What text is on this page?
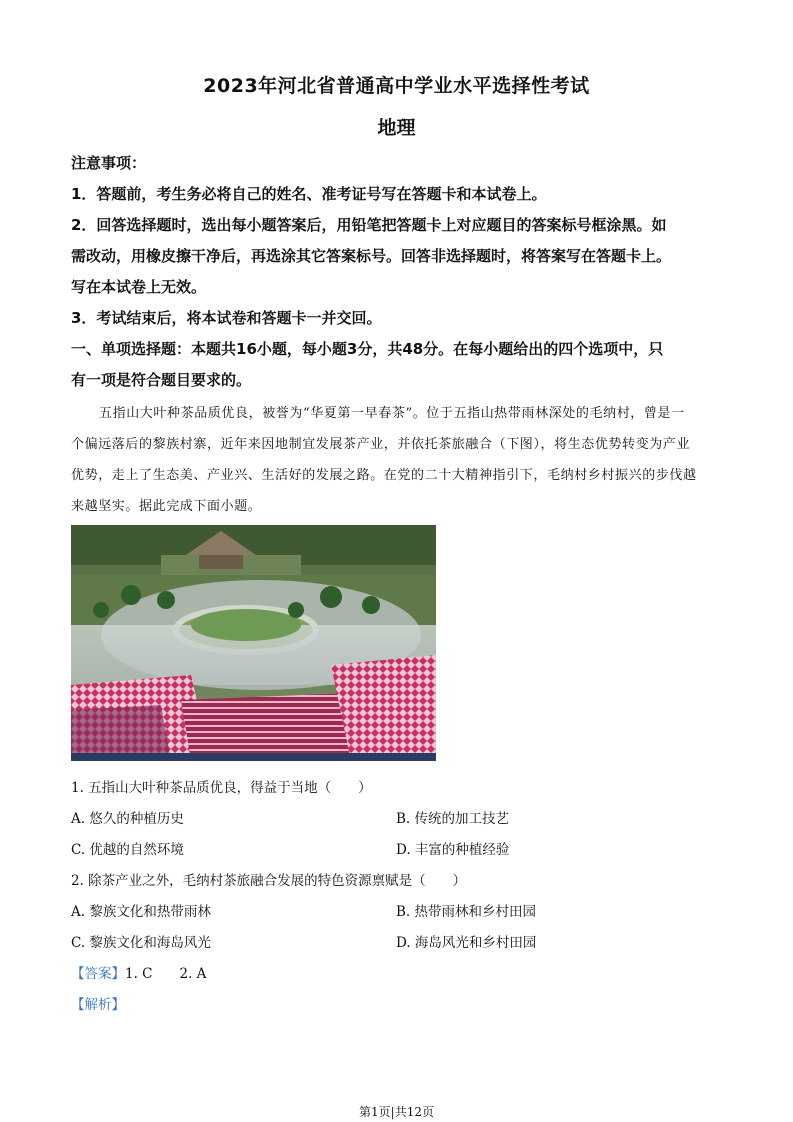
2023年河北省普通高中学业水平选择性考试
地理
注意事项：
1．答题前，考生务必将自己的姓名、准考证号写在答题卡和本试卷上。
2．回答选择题时，选出每小题答案后，用铅笔把答题卡上对应题目的答案标号框涂黑。如
需改动，用橡皮擦干净后，再选涂其它答案标号。回答非选择题时，将答案写在答题卡上。
写在本试卷上无效。
3．考试结束后，将本试卷和答题卡一并交回。
一、单项选择题：本题共16小题，每小题3分，共48分。在每小题给出的四个选项中，只
有一项是符合题目要求的。
五指山大叶种茶品质优良，被誉为“华夏第一早春茶”。位于五指山热带雨林深处的毛纳村，曾是一
个偏远落后的黎族村寨，近年来因地制宜发展茶产业，并依托茶旅融合（下图），将生态优势转变为产业
优势，走上了生态美、产业兴、生活好的发展之路。在党的二十大精神指引下，毛纳村乡村振兴的步伐越
来越坚实。据此完成下面小题。
1. 五指山大叶种茶品质优良，得益于当地（　　）
A. 悠久的种植历史	B. 传统的加工技艺
C. 优越的自然环境	D. 丰富的种植经验
2. 除茶产业之外，毛纳村茶旅融合发展的特色资源禀赋是（　　）
A. 黎族文化和热带雨林	B. 热带雨林和乡村田园
C. 黎族文化和海岛风光	D. 海岛风光和乡村田园
【答案】1. C　　2. A
【解析】
第1页|共12页
